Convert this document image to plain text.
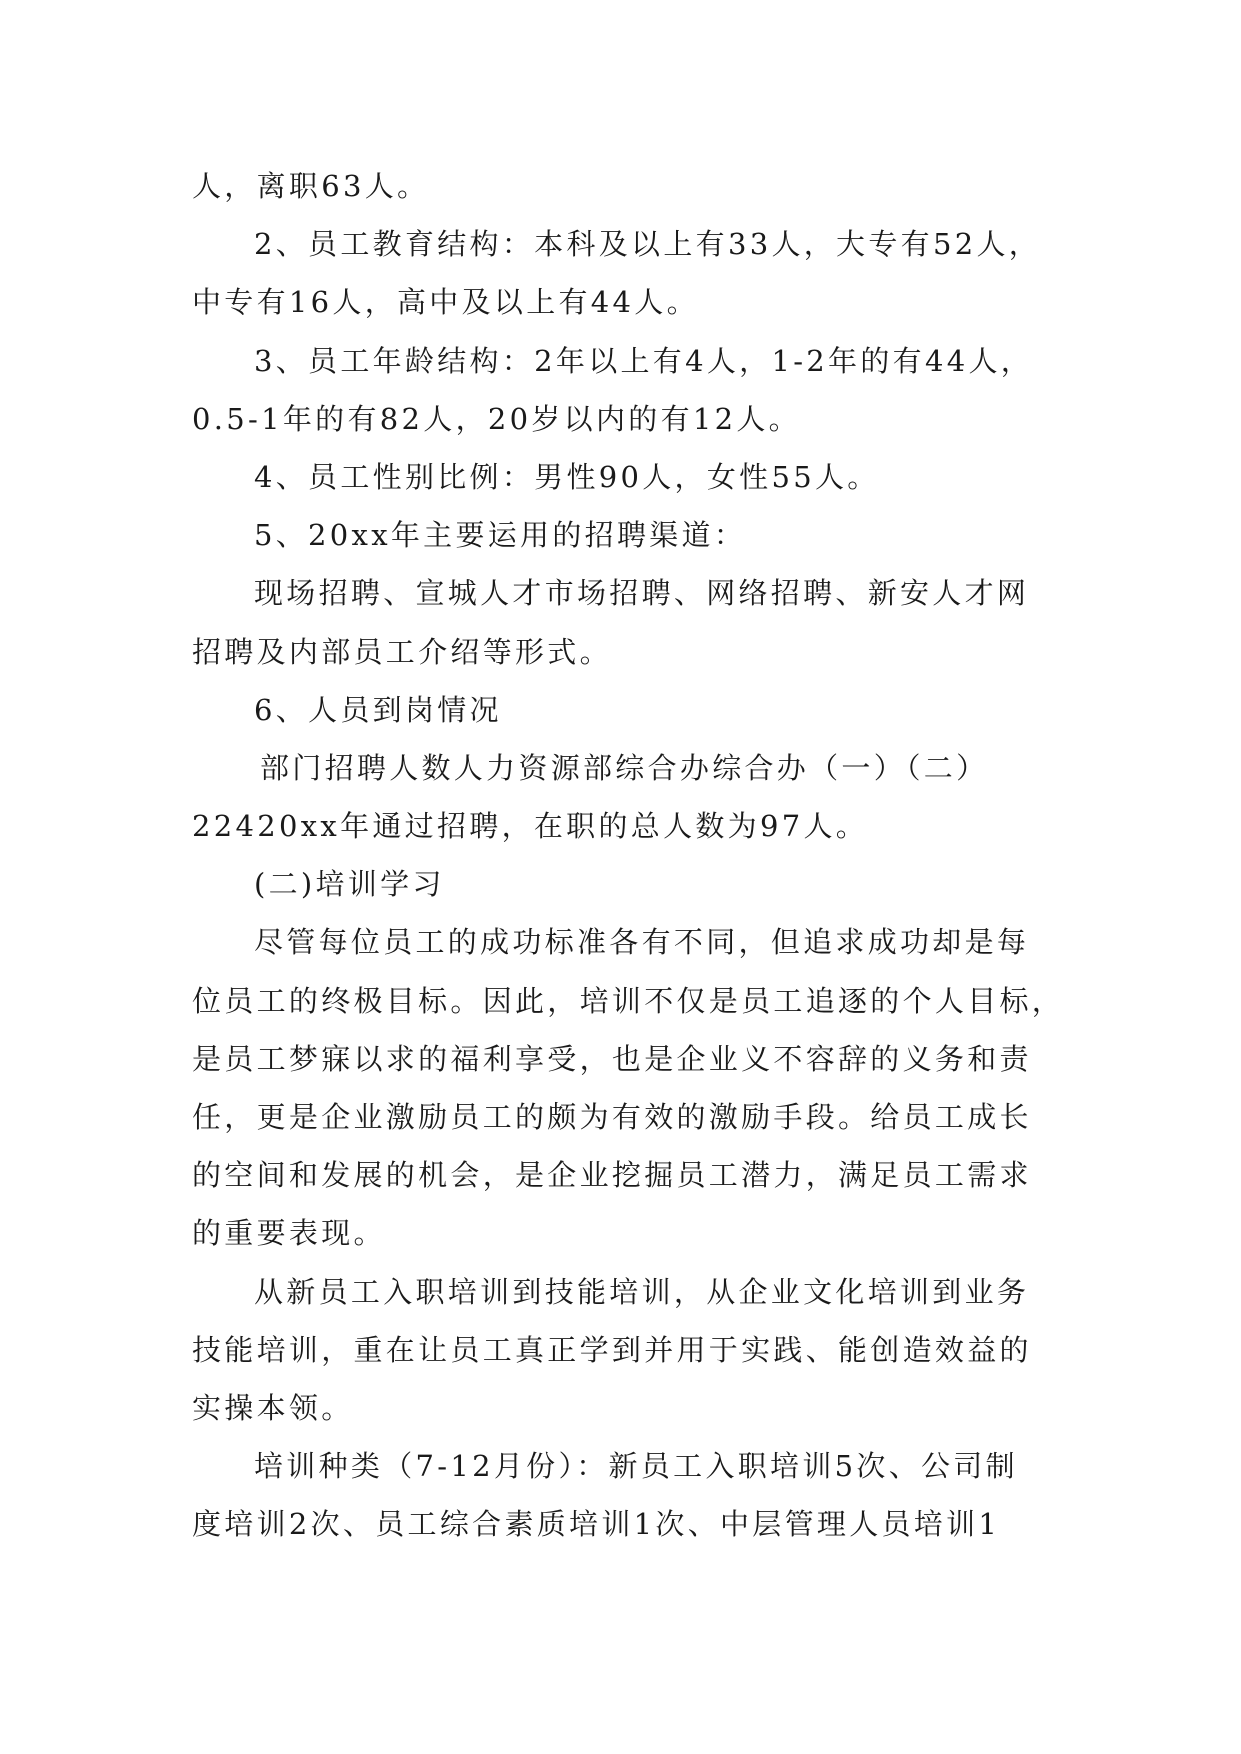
人，离职63人。
2、员工教育结构：本科及以上有33人，大专有52人，
中专有16人，高中及以上有44人。
3、员工年龄结构：2年以上有4人，1-2年的有44人，
0.5-1年的有82人，20岁以内的有12人。
4、员工性别比例：男性90人，女性55人。
5、20xx年主要运用的招聘渠道：
现场招聘、宣城人才市场招聘、网络招聘、新安人才网
招聘及内部员工介绍等形式。
6、人员到岗情况
部门招聘人数人力资源部综合办综合办（一）（二）
22420xx年通过招聘，在职的总人数为97人。
(二)培训学习
尽管每位员工的成功标准各有不同，但追求成功却是每
位员工的终极目标。因此，培训不仅是员工追逐的个人目标，
是员工梦寐以求的福利享受，也是企业义不容辞的义务和责
任，更是企业激励员工的颇为有效的激励手段。给员工成长
的空间和发展的机会，是企业挖掘员工潜力，满足员工需求
的重要表现。
从新员工入职培训到技能培训，从企业文化培训到业务
技能培训，重在让员工真正学到并用于实践、能创造效益的
实操本领。
培训种类（7-12月份）：新员工入职培训5次、公司制
度培训2次、员工综合素质培训1次、中层管理人员培训1
